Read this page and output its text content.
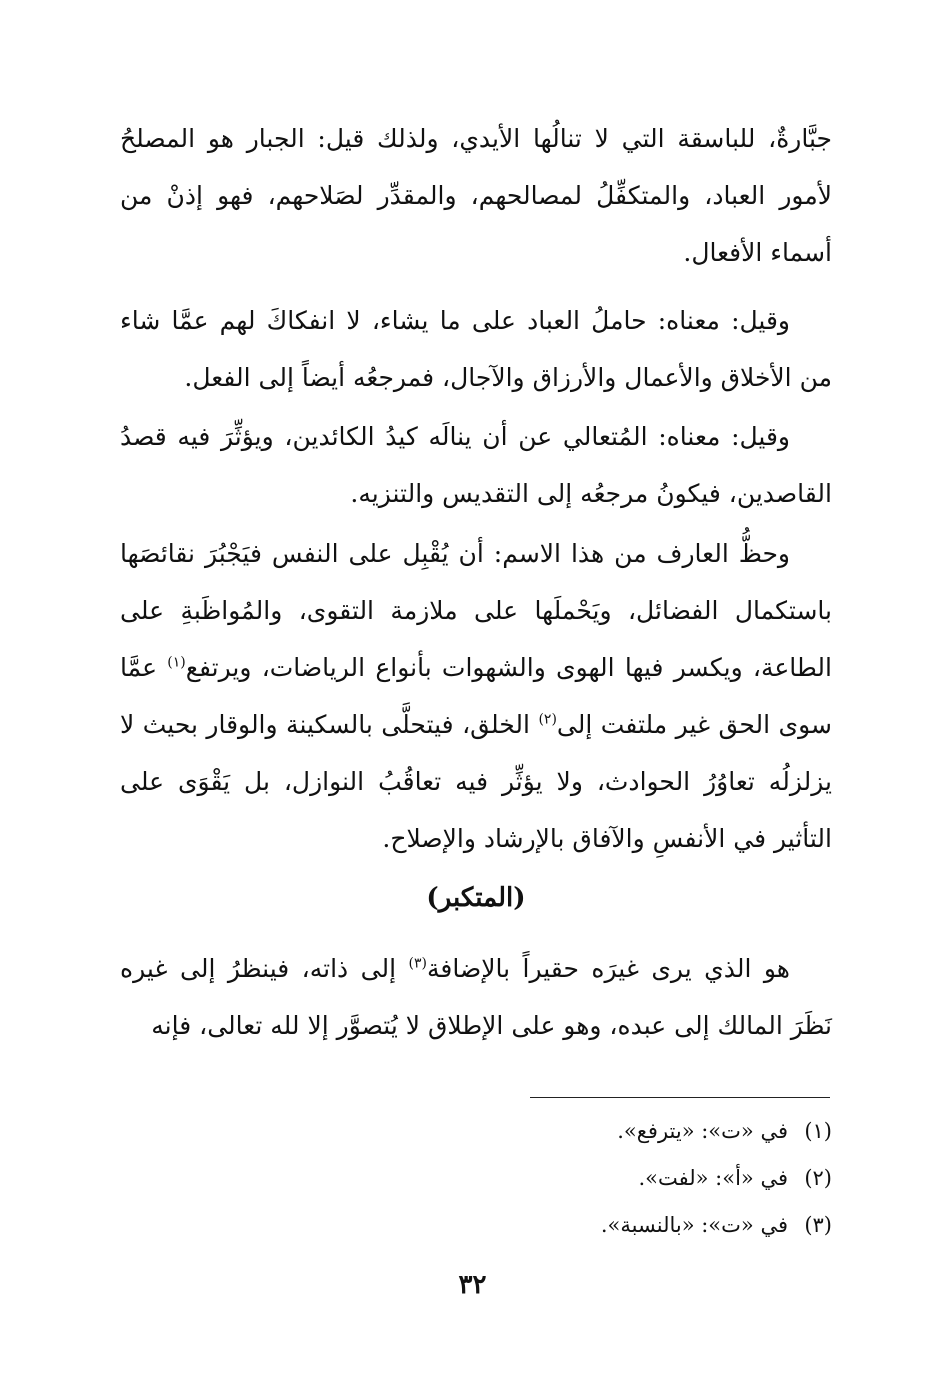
جبَّارةٌ، للباسقة التي لا تنالُها الأيدي، ولذلك قيل: الجبار هو المصلحُ لأمور العباد، والمتكفِّلُ لمصالحهم، والمقدِّر لصَلاحهم، فهو إذنْ من أسماء الأفعال.

وقيل: معناه: حاملُ العباد على ما يشاء، لا انفكاكَ لهم عمَّا شاء من الأخلاق والأعمال والأرزاق والآجال، فمرجعُه أيضاً إلى الفعل.

وقيل: معناه: المُتعالي عن أن ينالَه كيدُ الكائدين، ويؤثِّرَ فيه قصدُ القاصدين، فيكونُ مرجعُه إلى التقديس والتنزيه.

وحظُّ العارف من هذا الاسم: أن يُقْبِل على النفس فيَجْبُرَ نقائصَها باستكمال الفضائل، ويَحْملَها على ملازمة التقوى، والمُواظَبةِ على الطاعة، ويكسر فيها الهوى والشهوات بأنواع الرياضات، ويرتفع$^{(١)}$ عمَّا سوى الحق غير ملتفت إلى$^{(٢)}$ الخلق، فيتحلَّى بالسكينة والوقار بحيث لا يزلزلُه تعاوُرُ الحوادث، ولا يؤثِّر فيه تعاقُبُ النوازل، بل يَقْوَى على التأثير في الأنفسِ والآفاق بالإرشاد والإصلاح.

(المتكبر)

هو الذي يرى غيرَه حقيراً بالإضافة$^{(٣)}$ إلى ذاته، فينظرُ إلى غيره نَظَرَ المالك إلى عبده، وهو على الإطلاق لا يُتصوَّر إلا لله تعالى، فإنه

(١)في «ت»: «يترفع».
(٢)في «أ»: «لفت».
(٣)في «ت»: «بالنسبة».
٣٢
